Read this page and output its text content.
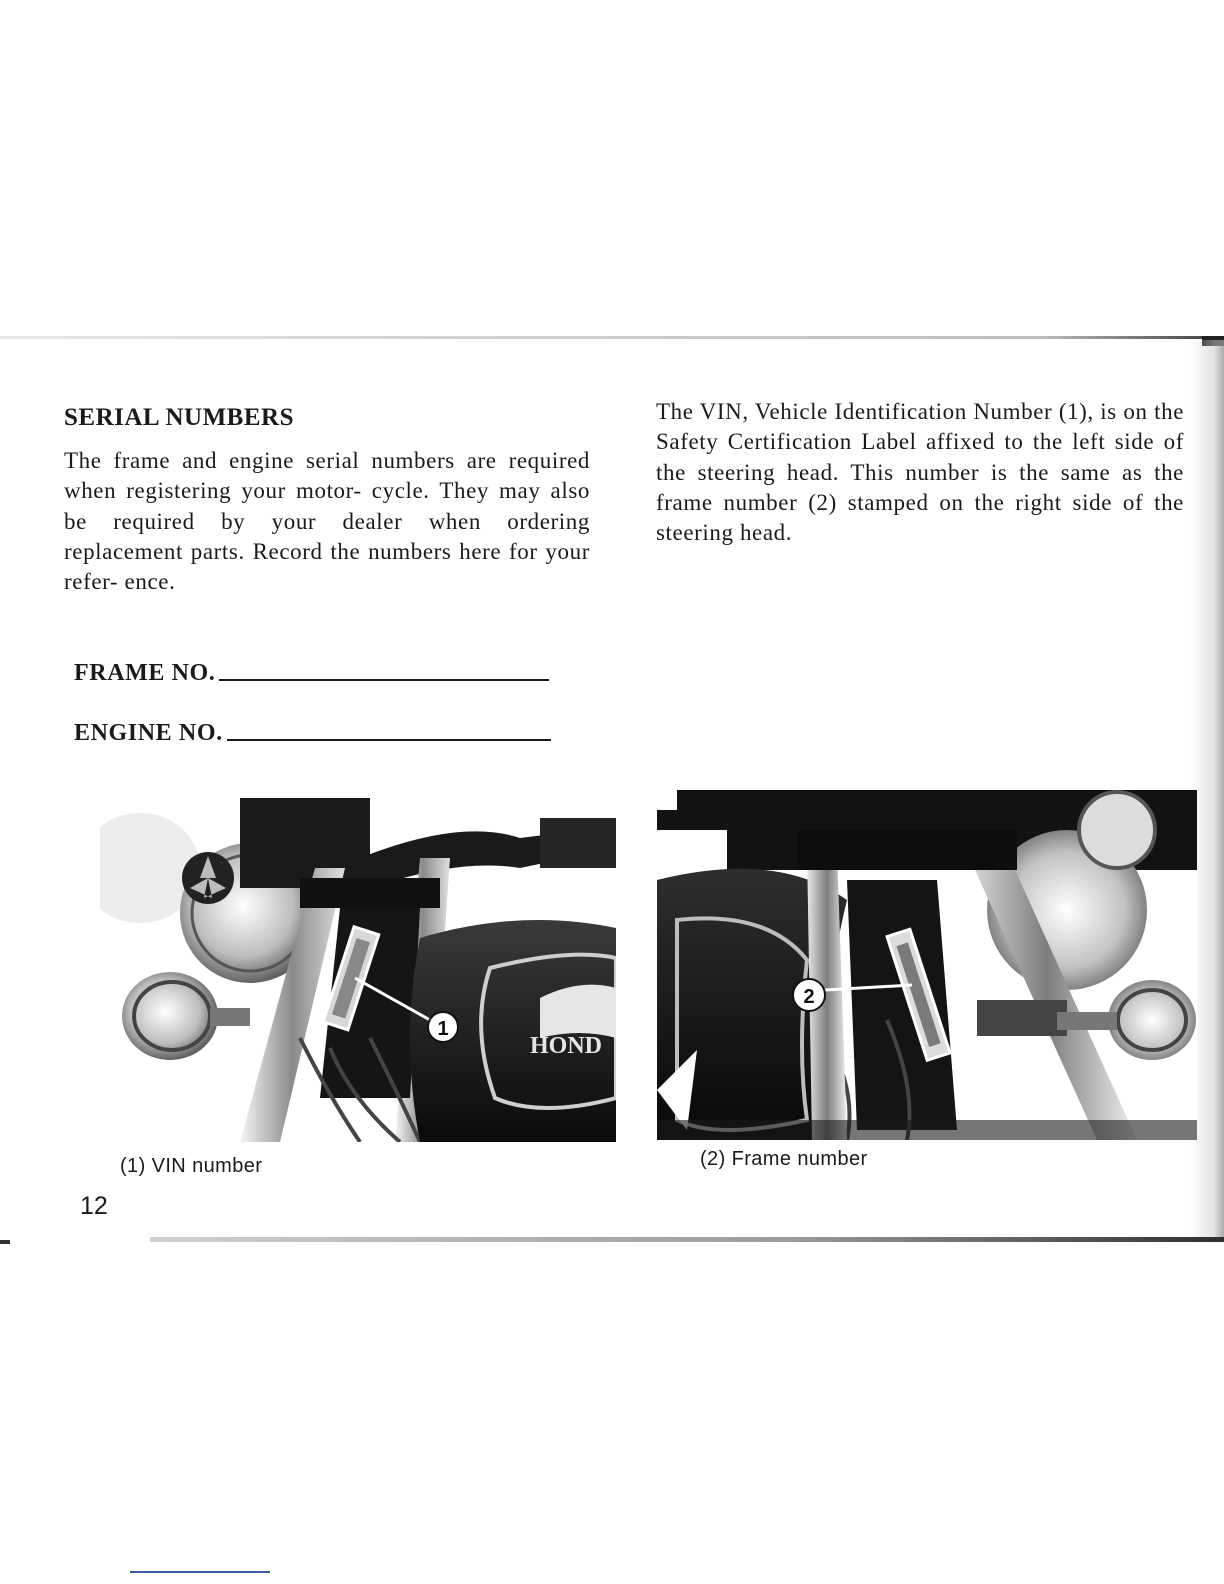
SERIAL NUMBERS

The frame and engine serial numbers are required when registering your motor- cycle. They may also be required by your dealer when ordering replacement parts. Record the numbers here for your refer- ence.

The VIN, Vehicle Identification Number (1), is on the Safety Certification Label affixed to the left side of the steering head. This number is the same as the frame number (2) stamped on the right side of the steering head.

FRAME NO.
ENGINE NO.
HOND
1
2

(1) VIN number	(2) Frame number

12
